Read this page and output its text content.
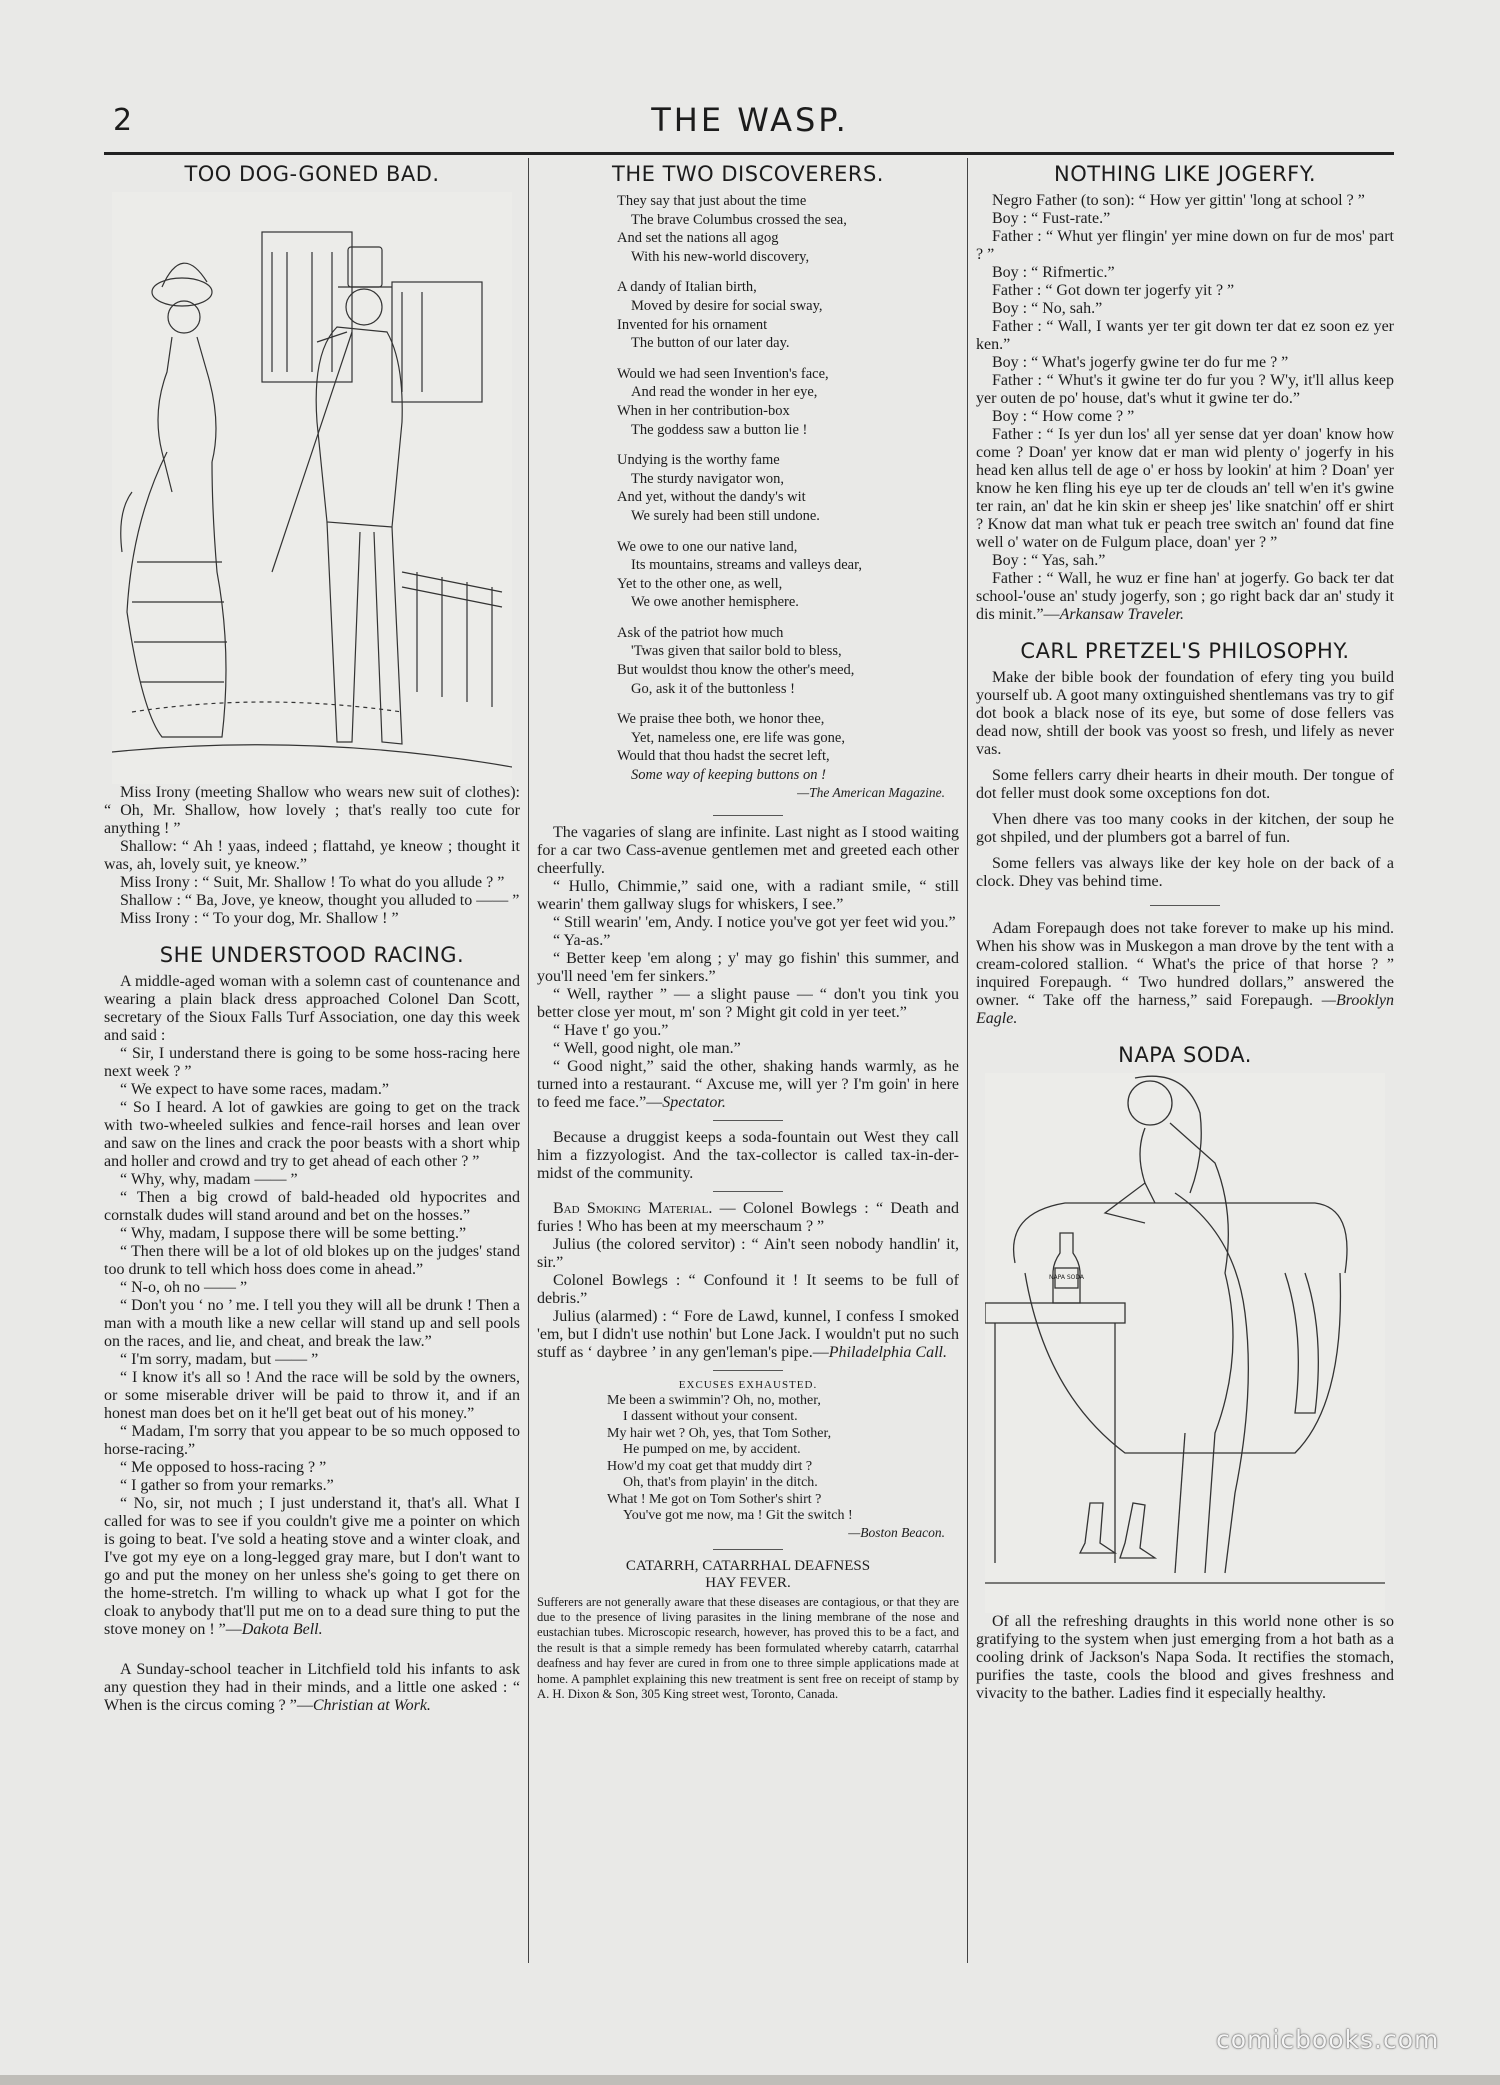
2	THE WASP.
TOO DOG-GONED BAD.

Miss Irony (meeting Shallow who wears new suit of clothes): “ Oh, Mr. Shallow, how lovely ; that's really too cute for anything ! ”

Shallow: “ Ah ! yaas, indeed ; flattahd, ye kneow ; thought it was, ah, lovely suit, ye kneow.”

Miss Irony : “ Suit, Mr. Shallow ! To what do you allude ? ”

Shallow : “ Ba, Jove, ye kneow, thought you alluded to —— ”

Miss Irony : “ To your dog, Mr. Shallow ! ”

SHE UNDERSTOOD RACING.

A middle-aged woman with a solemn cast of countenance and wearing a plain black dress approached Colonel Dan Scott, secretary of the Sioux Falls Turf Association, one day this week and said :

“ Sir, I understand there is going to be some hoss-racing here next week ? ”

“ We expect to have some races, madam.”

“ So I heard. A lot of gawkies are going to get on the track with two-wheeled sulkies and fence-rail horses and lean over and saw on the lines and crack the poor beasts with a short whip and holler and crowd and try to get ahead of each other ? ”

“ Why, why, madam —— ”

“ Then a big crowd of bald-headed old hypocrites and cornstalk dudes will stand around and bet on the hosses.”

“ Why, madam, I suppose there will be some betting.”

“ Then there will be a lot of old blokes up on the judges' stand too drunk to tell which hoss does come in ahead.”

“ N-o, oh no —— ”

“ Don't you ‘ no ’ me. I tell you they will all be drunk ! Then a man with a mouth like a new cellar will stand up and sell pools on the races, and lie, and cheat, and break the law.”

“ I'm sorry, madam, but —— ”

“ I know it's all so ! And the race will be sold by the owners, or some miserable driver will be paid to throw it, and if an honest man does bet on it he'll get beat out of his money.”

“ Madam, I'm sorry that you appear to be so much opposed to horse-racing.”

“ Me opposed to hoss-racing ? ”

“ I gather so from your remarks.”

“ No, sir, not much ; I just understand it, that's all. What I called for was to see if you couldn't give me a pointer on which is going to beat. I've sold a heating stove and a winter cloak, and I've got my eye on a long-legged gray mare, but I don't want to go and put the money on her unless she's going to get there on the home-stretch. I'm willing to whack up what I got for the cloak to anybody that'll put me on to a dead sure thing to put the stove money on ! ”—Dakota Bell.

A Sunday-school teacher in Litchfield told his infants to ask any question they had in their minds, and a little one asked : “ When is the circus coming ? ”—Christian at Work.

THE TWO DISCOVERERS.
They say that just about the time
The brave Columbus crossed the sea,
And set the nations all agog
With his new-world discovery,
A dandy of Italian birth,
Moved by desire for social sway,
Invented for his ornament
The button of our later day.
Would we had seen Invention's face,
And read the wonder in her eye,
When in her contribution-box
The goddess saw a button lie !
Undying is the worthy fame
The sturdy navigator won,
And yet, without the dandy's wit
We surely had been still undone.
We owe to one our native land,
Its mountains, streams and valleys dear,
Yet to the other one, as well,
We owe another hemisphere.
Ask of the patriot how much
'Twas given that sailor bold to bless,
But wouldst thou know the other's meed,
Go, ask it of the buttonless !
We praise thee both, we honor thee,
Yet, nameless one, ere life was gone,
Would that thou hadst the secret left,
Some way of keeping buttons on !
—The American Magazine.

The vagaries of slang are infinite. Last night as I stood waiting for a car two Cass-avenue gentlemen met and greeted each other cheerfully.

“ Hullo, Chimmie,” said one, with a radiant smile, “ still wearin' them gallway slugs for whiskers, I see.”

“ Still wearin' 'em, Andy. I notice you've got yer feet wid you.”

“ Ya-as.”

“ Better keep 'em along ; y' may go fishin' this summer, and you'll need 'em fer sinkers.”

“ Well, rayther ” — a slight pause — “ don't you tink you better close yer mout, m' son ? Might git cold in yer teet.”

“ Have t' go you.”

“ Well, good night, ole man.”

“ Good night,” said the other, shaking hands warmly, as he turned into a restaurant. “ Axcuse me, will yer ? I'm goin' in here to feed me face.”—Spectator.

Because a druggist keeps a soda-fountain out West they call him a fizzyologist. And the tax-collector is called tax-in-der-midst of the community.

Bad Smoking Material. — Colonel Bowlegs : “ Death and furies ! Who has been at my meerschaum ? ”

Julius (the colored servitor) : “ Ain't seen nobody handlin' it, sir.”

Colonel Bowlegs : “ Confound it ! It seems to be full of debris.”

Julius (alarmed) : “ Fore de Lawd, kunnel, I confess I smoked 'em, but I didn't use nothin' but Lone Jack. I wouldn't put no such stuff as ‘ daybree ’ in any gen'leman's pipe.—Philadelphia Call.

EXCUSES EXHAUSTED.
Me been a swimmin'? Oh, no, mother,
I dassent without your consent.
My hair wet ? Oh, yes, that Tom Sother,
He pumped on me, by accident.
How'd my coat get that muddy dirt ?
Oh, that's from playin' in the ditch.
What ! Me got on Tom Sother's shirt ?
You've got me now, ma ! Git the switch !
—Boston Beacon.
CATARRH, CATARRHAL DEAFNESS
HAY FEVER.

Sufferers are not generally aware that these diseases are contagious, or that they are due to the presence of living parasites in the lining membrane of the nose and eustachian tubes. Microscopic research, however, has proved this to be a fact, and the result is that a simple remedy has been formulated whereby catarrh, catarrhal deafness and hay fever are cured in from one to three simple applications made at home. A pamphlet explaining this new treatment is sent free on receipt of stamp by A. H. Dixon & Son, 305 King street west, Toronto, Canada.

NOTHING LIKE JOGERFY.

Negro Father (to son): “ How yer gittin' 'long at school ? ”

Boy : “ Fust-rate.”

Father : “ Whut yer flingin' yer mine down on fur de mos' part ? ”

Boy : “ Rifmertic.”

Father : “ Got down ter jogerfy yit ? ”

Boy : “ No, sah.”

Father : “ Wall, I wants yer ter git down ter dat ez soon ez yer ken.”

Boy : “ What's jogerfy gwine ter do fur me ? ”

Father : “ Whut's it gwine ter do fur you ? W'y, it'll allus keep yer outen de po' house, dat's whut it gwine ter do.”

Boy : “ How come ? ”

Father : “ Is yer dun los' all yer sense dat yer doan' know how come ? Doan' yer know dat er man wid plenty o' jogerfy in his head ken allus tell de age o' er hoss by lookin' at him ? Doan' yer know he ken fling his eye up ter de clouds an' tell w'en it's gwine ter rain, an' dat he kin skin er sheep jes' like snatchin' off er shirt ? Know dat man what tuk er peach tree switch an' found dat fine well o' water on de Fulgum place, doan' yer ? ”

Boy : “ Yas, sah.”

Father : “ Wall, he wuz er fine han' at jogerfy. Go back ter dat school-'ouse an' study jogerfy, son ; go right back dar an' study it dis minit.”—Arkansaw Traveler.

CARL PRETZEL'S PHILOSOPHY.

Make der bible book der foundation of efery ting you build yourself ub. A goot many oxtinguished shentlemans vas try to gif dot book a black nose of its eye, but some of dose fellers vas dead now, shtill der book vas yoost so fresh, und lifely as never vas.

Some fellers carry dheir hearts in dheir mouth. Der tongue of dot feller must dook some oxceptions fon dot.

Vhen dhere vas too many cooks in der kitchen, der soup he got shpiled, und der plumbers got a barrel of fun.

Some fellers vas always like der key hole on der back of a clock. Dhey vas behind time.

Adam Forepaugh does not take forever to make up his mind. When his show was in Muskegon a man drove by the tent with a cream-colored stallion. “ What's the price of that horse ? ” inquired Forepaugh. “ Two hundred dollars,” answered the owner. “ Take off the harness,” said Forepaugh. —Brooklyn Eagle.

NAPA SODA.
NAPA SODA

Of all the refreshing draughts in this world none other is so gratifying to the system when just emerging from a hot bath as a cooling drink of Jackson's Napa Soda. It rectifies the stomach, purifies the taste, cools the blood and gives freshness and vivacity to the bather. Ladies find it especially healthy.

comicbooks.com
